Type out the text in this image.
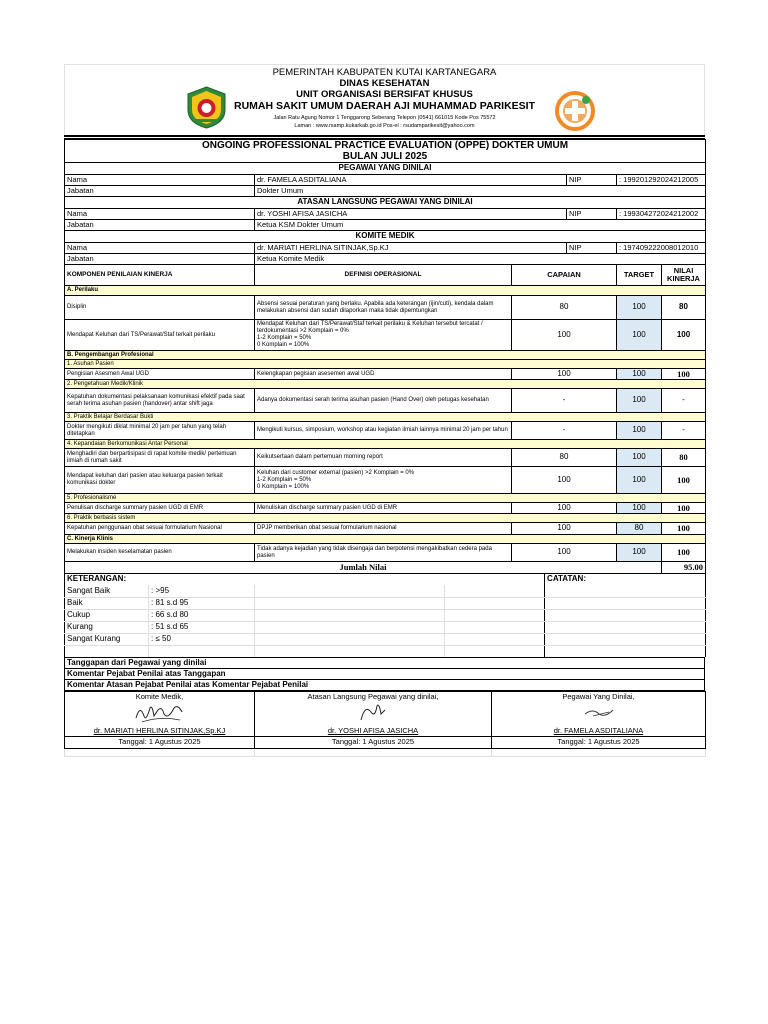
PEMERINTAH KABUPATEN KUTAI KARTANEGARA
DINAS KESEHATAN
UNIT ORGANISASI BERSIFAT KHUSUS
RUMAH SAKIT UMUM DAERAH AJI MUHAMMAD PARIKESIT
Jalan Ratu Agung Nomor 1 Tenggarong Seberang Telepon (0541) 661015 Kode Pos 75572
Laman : www.rsamp.kukarkab.go.id Pos-el : rsudamparikesit@yahoo.com
ONGOING PROFESSIONAL PRACTICE EVALUATION (OPPE) DOKTER UMUM
BULAN JULI 2025					

PEGAWAI YANG DINILAI					
Nama	dr. FAMELA ASDITALIANA		NIP	: 199201292024212005	
Jabatan	Dokter Umum				
ATASAN LANGSUNG PEGAWAI YANG DINILAI					
Nama	dr. YOSHI AFISA JASICHA		NIP	: 199304272024212002	
Jabatan	Ketua KSM Dokter Umum				
KOMITE MEDIK					
Nama	dr. MARIATI HERLINA SITINJAK,Sp.KJ		NIP	: 197409222008012010	
Jabatan	Ketua Komite Medik				
KOMPONEN PENILAIAN KINERJA	DEFINISI OPERASIONAL	CAPAIAN		TARGET	NILAI KINERJA
A. Perilaku					
Disiplin	Absensi sesuai peraturan yang berlaku. Apabila ada keterangan (ijin/cuti), kendala dalam melakukan absensi dan sudah dilaporkan maka tidak dipemtungkan	80		100	80
Mendapat Keluhan dari TS/Perawat/Staf terkait perilaku	Mendapat Keluhan dari TS/Perawat/Staf terkait perilaku & Keluhan tersebut tercatat / terdokumentasi >2 Komplain = 0%
1-2 Komplain = 50%
0 Komplain = 100%	100		100	100
B. Pengembangan Profesional					
1. Asuhan Pasien					
Pengisian Asesmen Awal UGD	Kelengkapan pegisian asesemen awal UGD	100		100	100
2. Pengetahuan Medik/Klinik					
Kepatuhan dokumentasi pelaksanaan komunikasi efektif pada saat serah terima asuhan pasien (handover) antar shift jaga	Adanya dokumentasi serah terima asuhan pasien (Hand Over) oleh petugas kesehatan	-		100	-
3. Praktik Belajar Berdasar Bukti					
Dokter mengikuti diklat minimal 20 jam per tahun yang telah ditetapkan	Mengikuti kursus, simposium, workshop atau kegiatan ilmiah lainnya minimal 20 jam per tahun	-		100	-
4. Kepandaian Berkomunikasi Antar Personal					
Menghadiri dan berpartisipasi di rapat komite medik/ pertemuan ilmiah di rumah sakit	Keikutsertaan dalam pertemuan morning report	80		100	80
Mendapat keluhan dari pasien atau keluarga pasien terkait komunikasi dokter	Keluhan dari customer external (pasien) >2 Komplain = 0%
1-2 Komplain = 50%
0 Komplain = 100%	100		100	100
5. Profesionalisme					
Penulisan discharge summary pasien UGD di EMR	Menuliskan discharge summary pasien UGD di EMR	100		100	100
6. Praktik berbasis sistem					
Kepatuhan penggunaan obat sesuai formularium Nasional	DPJP memberikan obat sesuai formularium nasional	100		80	100
C. Kinerja Klinis					
Melakukan insiden keselamatan pasien	Tidak adanya kejadian yang tidak disengaja dan berpotensi mengakibatkan cedera pada pasien	100		100	100
Jumlah Nilai					95.00
KETERANGAN:				CATATAN:
Sangat Baik	: >95			
Baik	: 81 s.d 95			
Cukup	: 66 s.d 80			
Kurang	: 51 s.d 65			
Sangat Kurang	: ≤ 50			

Tanggapan dari Pegawai yang dinilai
Komentar Pejabat Penilai atas Tanggapan
Komentar Atasan Pejabat Penilai atas Komentar Pejabat Penilai
Komite Medik,	Atasan Langsung Pegawai yang dinilai,	Pegawai Yang Dinilai,

dr. MARIATI HERLINA SITINJAK,Sp.KJ	dr. YOSHI AFISA JASICHA	dr. FAMELA ASDITALIANA
Tanggal: 1 Agustus 2025	Tanggal: 1 Agustus 2025	Tanggal: 1 Agustus 2025
